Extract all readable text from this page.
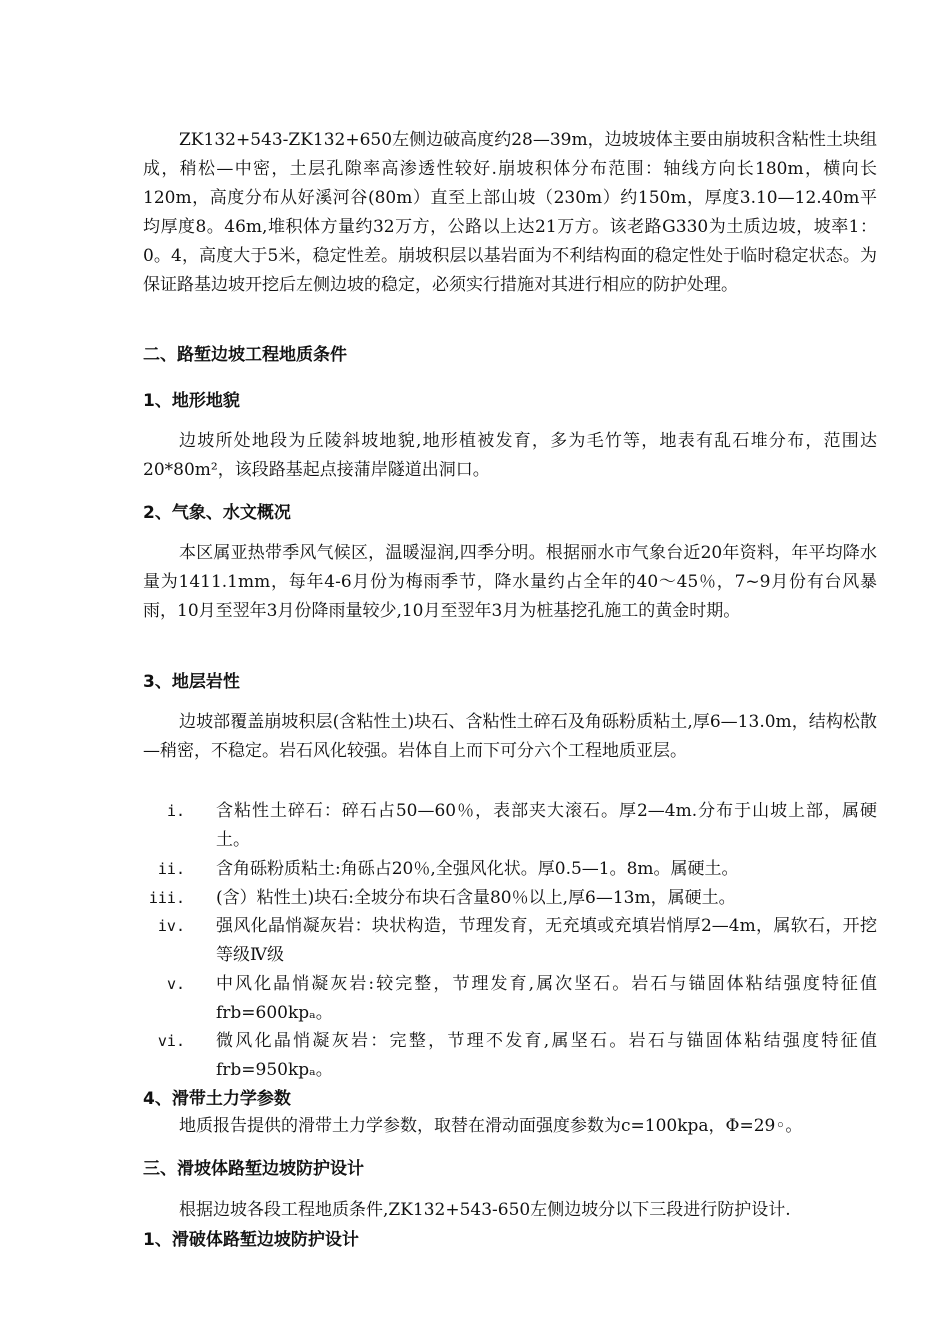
ZK132+543-ZK132+650左侧边破高度约28—39m，边坡坡体主要由崩坡积含粘性土块组成，稍松—中密，土层孔隙率高渗透性较好.崩坡积体分布范围：轴线方向长180m，横向长120m，高度分布从好溪河谷(80m）直至上部山坡（230m）约150m，厚度3.10—12.40m平均厚度8。46m,堆积体方量约32万方，公路以上达21万方。该老路G330为土质边坡，坡率1：0。4，高度大于5米，稳定性差。崩坡积层以基岩面为不利结构面的稳定性处于临时稳定状态。为保证路基边坡开挖后左侧边坡的稳定，必须实行措施对其进行相应的防护处理。

二、路堑边坡工程地质条件
1、地形地貌

边坡所处地段为丘陵斜坡地貌,地形植被发育，多为毛竹等，地表有乱石堆分布，范围达20*80m²，该段路基起点接蒲岸隧道出洞口。

2、气象、水文概况

本区属亚热带季风气候区，温暖湿润,四季分明。根据丽水市气象台近20年资料，年平均降水量为1411.1mm，每年4-6月份为梅雨季节，降水量约占全年的40～45％，7~9月份有台风暴雨，10月至翌年3月份降雨量较少,10月至翌年3月为桩基挖孔施工的黄金时期。

3、地层岩性

边坡部覆盖崩坡积层(含粘性土)块石、含粘性土碎石及角砾粉质粘土,厚6—13.0m，结构松散—稍密，不稳定。岩石风化较强。岩体自上而下可分六个工程地质亚层。

i. 含粘性土碎石：碎石占50—60％，表部夹大滚石。厚2—4m.分布于山坡上部，属硬土。
ii. 含角砾粉质粘土:角砾占20％,全强风化状。厚0.5—1。8m。属硬土。
iii. (含）粘性土)块石:全坡分布块石含量80％以上,厚6—13m，属硬土。
iv. 强风化晶悄凝灰岩：块状构造，节理发育，无充填或充填岩悄厚2—4m，属软石，开挖等级Ⅳ级
v. 中风化晶悄凝灰岩:较完整，节理发育,属次坚石。岩石与锚固体粘结强度特征值frb=600kpₐ。
vi. 微风化晶悄凝灰岩：完整，节理不发育,属坚石。岩石与锚固体粘结强度特征值frb=950kpₐ。
4、滑带土力学参数

地质报告提供的滑带土力学参数，取替在滑动面强度参数为c=100kpa，Φ=29◦。

三、滑坡体路堑边坡防护设计

根据边坡各段工程地质条件,ZK132+543-650左侧边坡分以下三段进行防护设计.

1、滑破体路堑边坡防护设计
